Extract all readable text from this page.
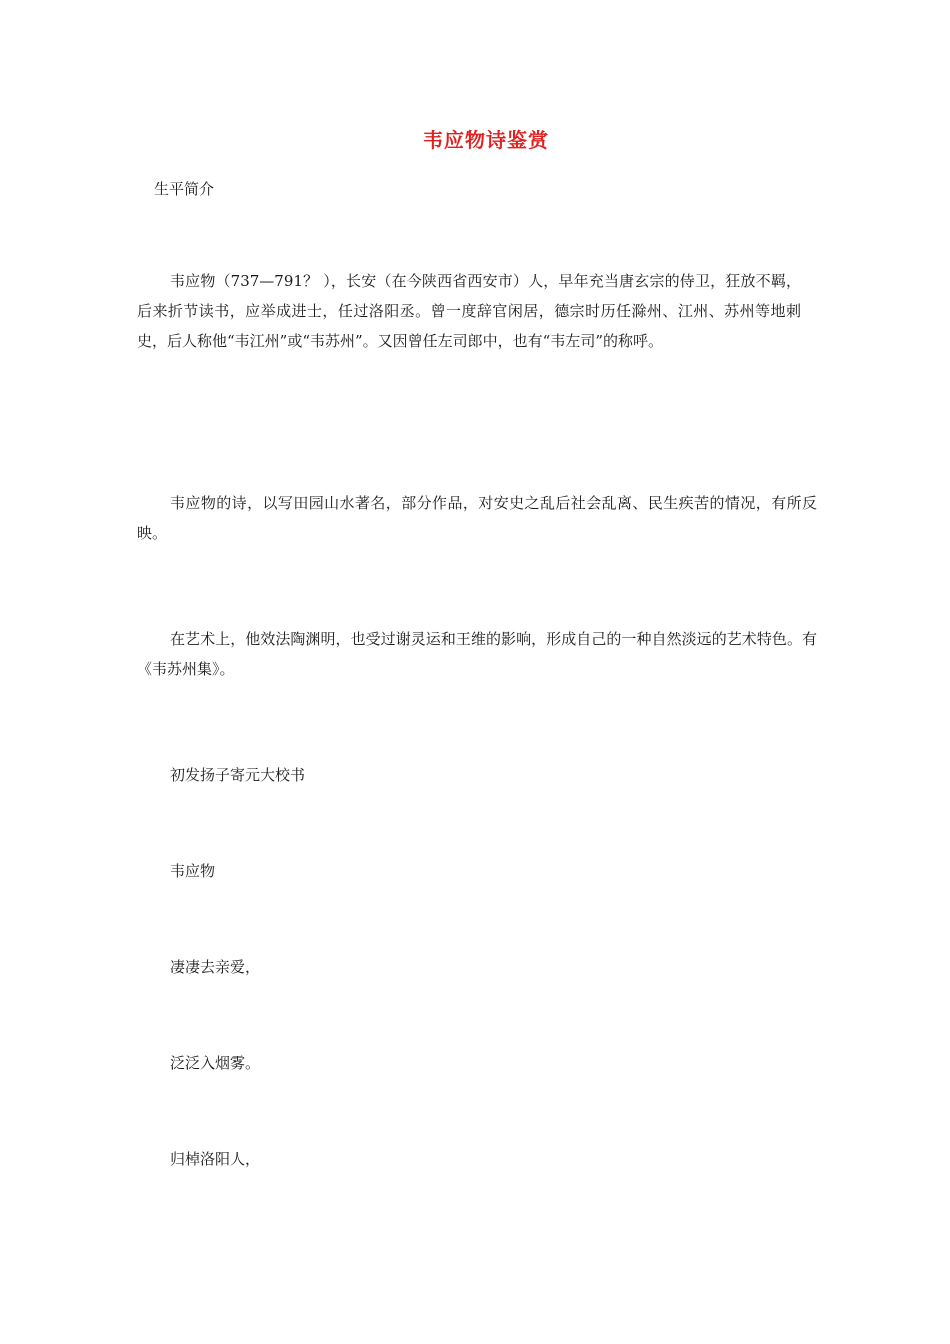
韦应物诗鉴赏
生平简介

韦应物（737—791？ ），长安（在今陕西省西安市）人，早年充当唐玄宗的侍卫，狂放不羁，后来折节读书，应举成进士，任过洛阳丞。曾一度辞官闲居，德宗时历任滁州、江州、苏州等地刺史，后人称他“韦江州”或“韦苏州”。又因曾任左司郎中，也有“韦左司”的称呼。

韦应物的诗，以写田园山水著名，部分作品，对安史之乱后社会乱离、民生疾苦的情况，有所反映。

在艺术上，他效法陶渊明，也受过谢灵运和王维的影响，形成自己的一种自然淡远的艺术特色。有《韦苏州集》。

初发扬子寄元大校书

韦应物

凄凄去亲爱，

泛泛入烟雾。

归棹洛阳人，
